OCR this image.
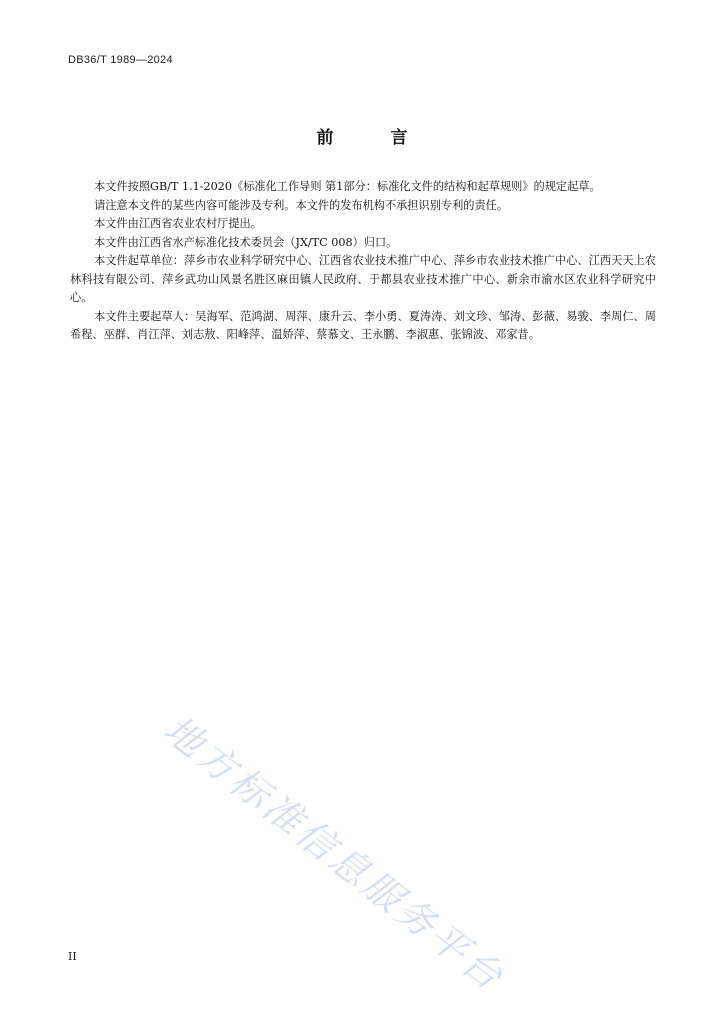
DB36/T 1989—2024
前　言

本文件按照GB/T 1.1-2020《标准化工作导则 第1部分：标准化文件的结构和起草规则》的规定起草。

请注意本文件的某些内容可能涉及专利。本文件的发布机构不承担识别专利的责任。

本文件由江西省农业农村厅提出。

本文件由江西省水产标准化技术委员会（JX/TC 008）归口。

本文件起草单位：萍乡市农业科学研究中心、江西省农业技术推广中心、萍乡市农业技术推广中心、江西天天上农林科技有限公司、萍乡武功山风景名胜区麻田镇人民政府、于都县农业技术推广中心、新余市渝水区农业科学研究中心。

本文件主要起草人：吴海军、范鸿湖、周萍、康升云、李小勇、夏涛涛、刘文珍、邹涛、彭薇、易骏、李周仁、周希程、巫群、肖江萍、刘志敖、阳峰萍、温娇萍、蔡慕文、王永鹏、李淑惠、张锦波、邓家昔。

地方标准信息服务平台
II
